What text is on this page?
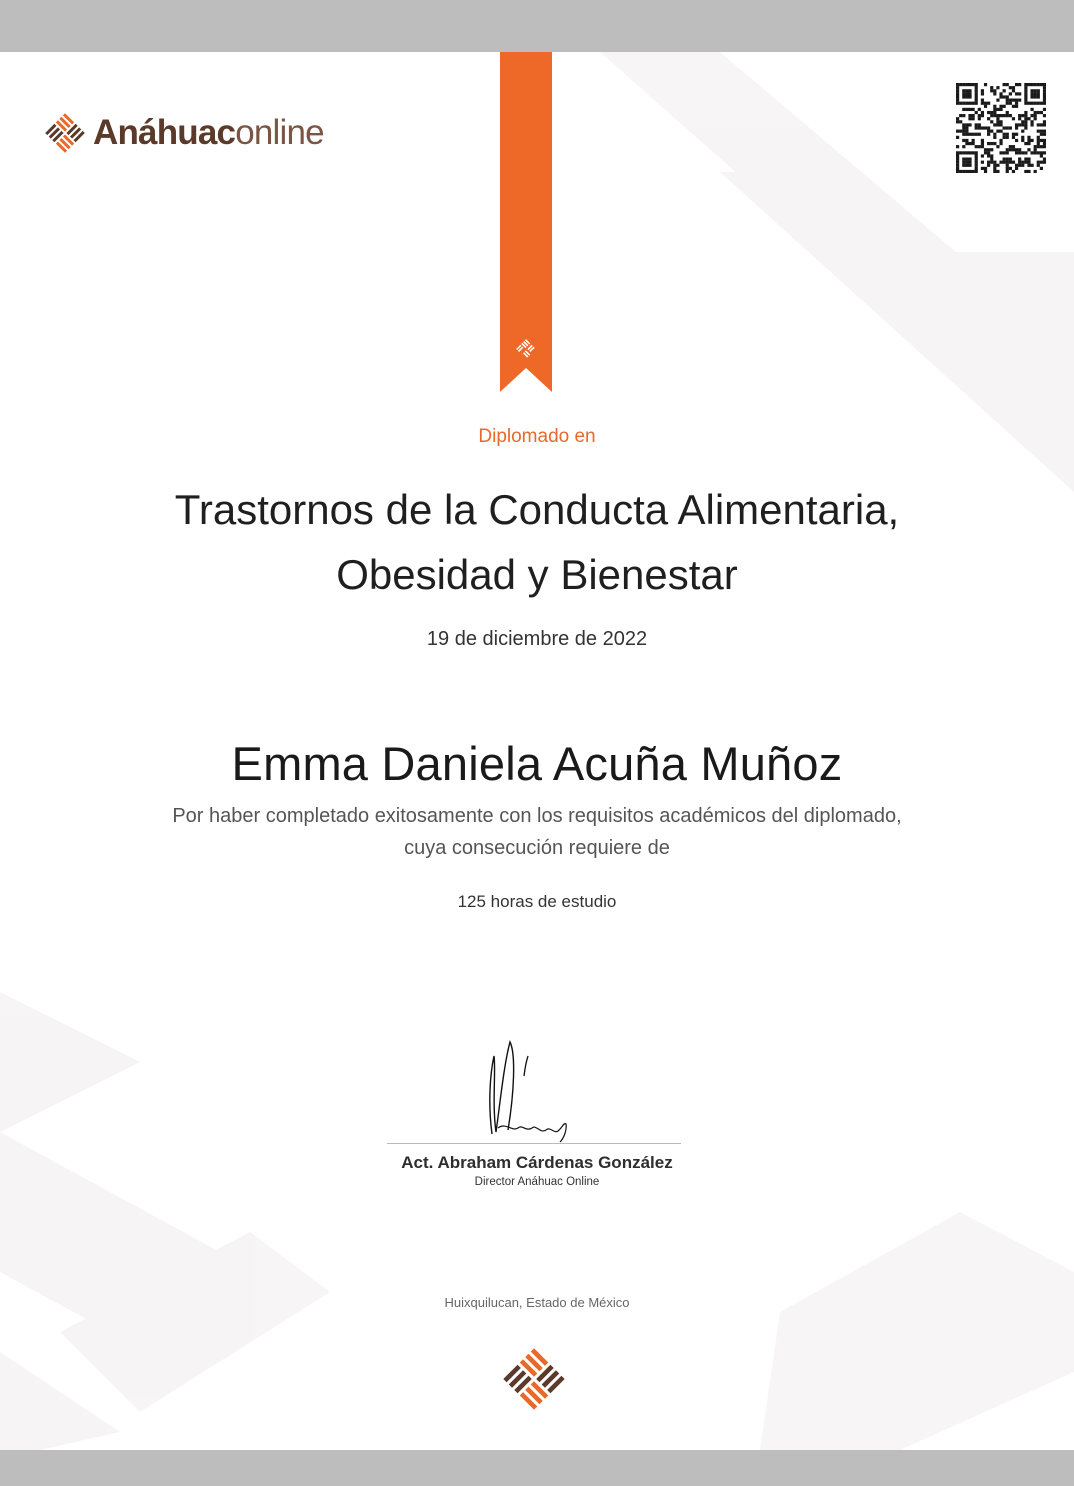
Anáhuaconline
Diplomado en
Trastornos de la Conducta Alimentaria,
Obesidad y Bienestar
19 de diciembre de 2022
Emma Daniela Acuña Muñoz
Por haber completado exitosamente con los requisitos académicos del diplomado,
cuya consecución requiere de
125 horas de estudio
Act. Abraham Cárdenas González
Director Anáhuac Online
Huixquilucan, Estado de México
